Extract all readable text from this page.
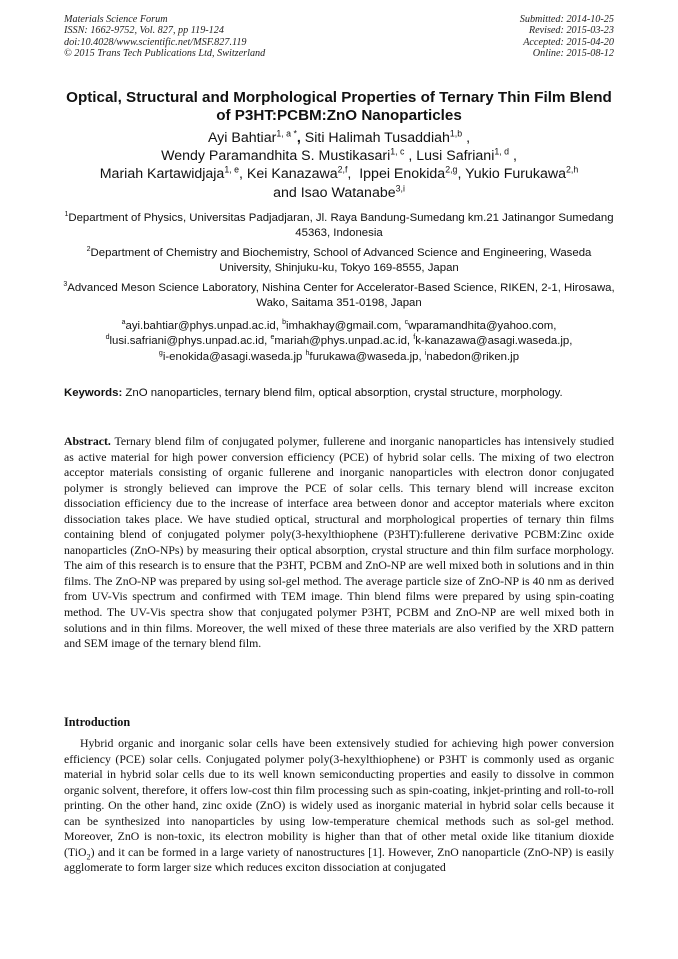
Materials Science Forum
ISSN: 1662-9752, Vol. 827, pp 119-124
doi:10.4028/www.scientific.net/MSF.827.119
© 2015 Trans Tech Publications Ltd, Switzerland
Submitted: 2014-10-25
Revised: 2015-03-23
Accepted: 2015-04-20
Online: 2015-08-12
Optical, Structural and Morphological Properties of Ternary Thin Film Blend of P3HT:PCBM:ZnO Nanoparticles
Ayi Bahtiar$^{1, a *}$, Siti Halimah Tusaddiah$^{1,b}$ ,
Wendy Paramandhita S. Mustikasari$^{1, c}$ , Lusi Safriani$^{1, d}$ ,
Mariah Kartawidjaja$^{1, e}$, Kei Kanazawa$^{2,f}$,  Ippei Enokida$^{2,g}$, Yukio Furukawa$^{2,h}$
and Isao Watanabe$^{3,i}$
$^1$Department of Physics, Universitas Padjadjaran, Jl. Raya Bandung-Sumedang km.21 Jatinangor Sumedang 45363, Indonesia
$^2$Department of Chemistry and Biochemistry, School of Advanced Science and Engineering, Waseda University, Shinjuku-ku, Tokyo 169-8555, Japan
$^3$Advanced Meson Science Laboratory, Nishina Center for Accelerator-Based Science, RIKEN, 2-1, Hirosawa, Wako, Saitama 351-0198, Japan
$^a$ayi.bahtiar@phys.unpad.ac.id, $^b$imhakhay@gmail.com, $^c$wparamandhita@yahoo.com,
$^d$lusi.safriani@phys.unpad.ac.id, $^e$mariah@phys.unpad.ac.id, $^f$k-kanazawa@asagi.waseda.jp,
$^g$i-enokida@asagi.waseda.jp $^h$furukawa@waseda.jp, $^i$nabedon@riken.jp
Keywords: ZnO nanoparticles, ternary blend film, optical absorption, crystal structure, morphology.
Abstract. Ternary blend film of conjugated polymer, fullerene and inorganic nanoparticles has intensively studied as active material for high power conversion efficiency (PCE) of hybrid solar cells. The mixing of two electron acceptor materials consisting of organic fullerene and inorganic nanoparticles with electron donor conjugated polymer is strongly believed can improve the PCE of solar cells. This ternary blend will increase exciton dissociation efficiency due to the increase of interface area between donor and acceptor materials where exciton dissociation takes place. We have studied optical, structural and morphological properties of ternary thin films containing blend of conjugated polymer poly(3-hexylthiophene (P3HT):fullerene derivative PCBM:Zinc oxide nanoparticles (ZnO-NPs) by measuring their optical absorption, crystal structure and thin film surface morphology. The aim of this research is to ensure that the P3HT, PCBM and ZnO-NP are well mixed both in solutions and in thin films. The ZnO-NP was prepared by using sol-gel method. The average particle size of ZnO-NP is 40 nm as derived from UV-Vis spectrum and confirmed with TEM image. Thin blend films were prepared by using spin-coating method. The UV-Vis spectra show that conjugated polymer P3HT, PCBM and ZnO-NP are well mixed both in solutions and in thin films. Moreover, the well mixed of these three materials are also verified by the XRD pattern and SEM image of the ternary blend film.
Introduction
Hybrid organic and inorganic solar cells have been extensively studied for achieving high power conversion efficiency (PCE) solar cells. Conjugated polymer poly(3-hexylthiophene) or P3HT is commonly used as organic material in hybrid solar cells due to its well known semiconducting properties and easily to dissolve in common organic solvent, therefore, it offers low-cost thin film processing such as spin-coating, inkjet-printing and roll-to-roll printing. On the other hand, zinc oxide (ZnO) is widely used as inorganic material in hybrid solar cells because it can be synthesized into nanoparticles by using low-temperature chemical methods such as sol-gel method. Moreover, ZnO is non-toxic, its electron mobility is higher than that of other metal oxide like titanium dioxide (TiO$_2$) and it can be formed in a large variety of nanostructures [1]. However, ZnO nanoparticle (ZnO-NP) is easily agglomerate to form larger size which reduces exciton dissociation at conjugated
